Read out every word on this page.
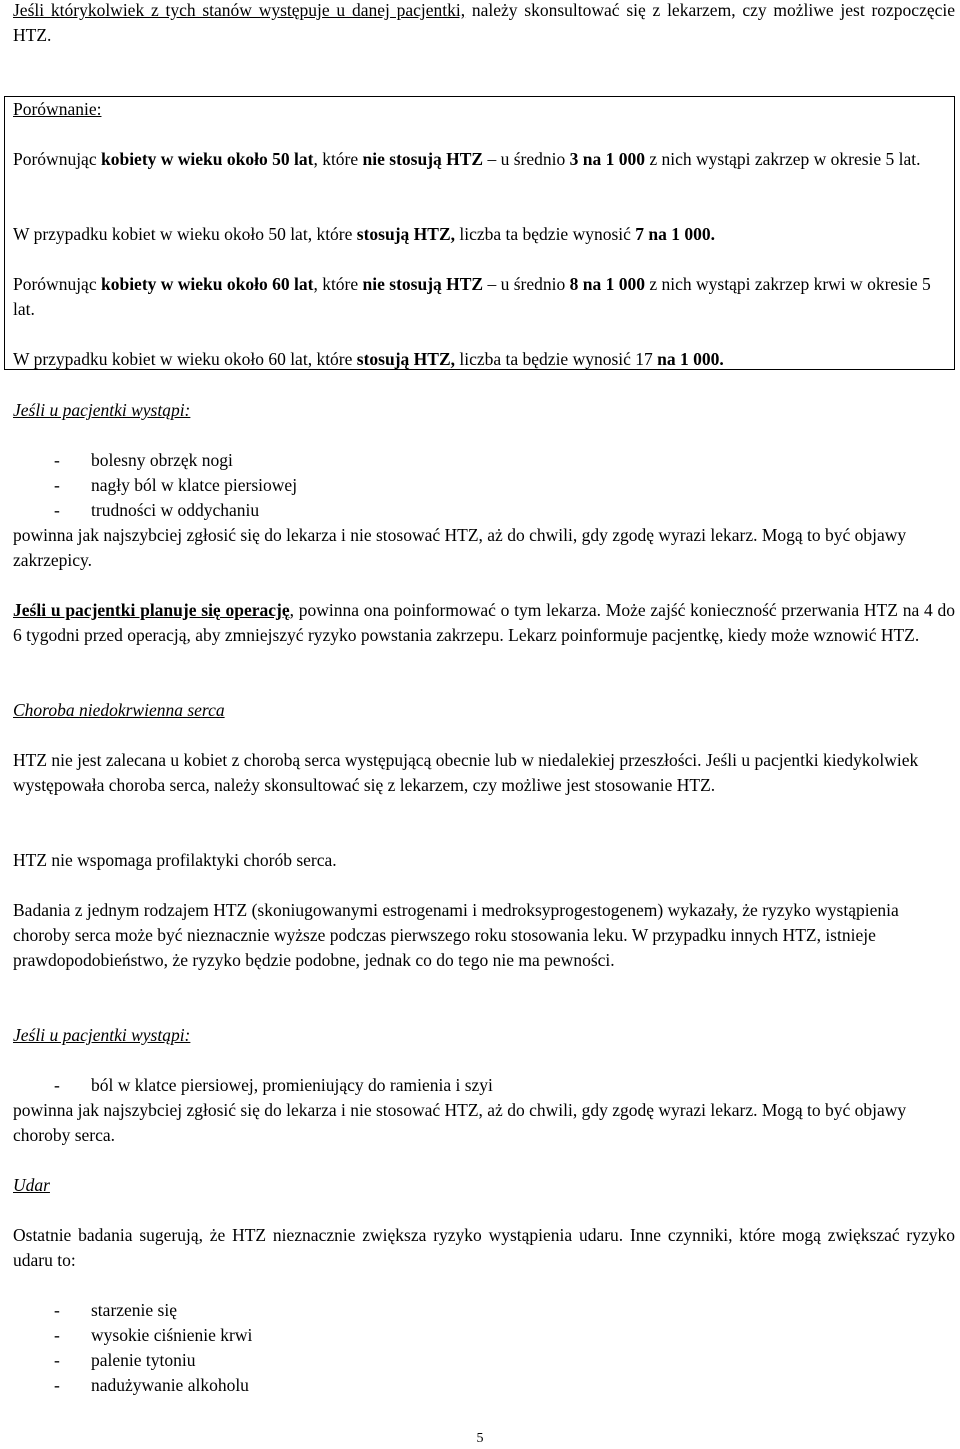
Jeśli którykolwiek z tych stanów występuje u danej pacjentki, należy skonsultować się z lekarzem, czy możliwe jest rozpoczęcie HTZ.

Porównanie:

Porównując kobiety w wieku około 50 lat, które nie stosują HTZ – u średnio 3 na 1 000 z nich wystąpi zakrzep w okresie 5 lat.

W przypadku kobiet w wieku około 50 lat, które stosują HTZ, liczba ta będzie wynosić 7 na 1 000.

Porównując kobiety w wieku około 60 lat, które nie stosują HTZ – u średnio 8 na 1 000 z nich wystąpi zakrzep krwi w okresie 5 lat.

W przypadku kobiet w wieku około 60 lat, które stosują HTZ, liczba ta będzie wynosić 17 na 1 000.

Jeśli u pacjentki wystąpi:

- bolesny obrzęk nogi
- nagły ból w klatce piersiowej
- trudności w oddychaniu

powinna jak najszybciej zgłosić się do lekarza i nie stosować HTZ, aż do chwili, gdy zgodę wyrazi lekarz. Mogą to być objawy zakrzepicy.

Jeśli u pacjentki planuje się operację, powinna ona poinformować o tym lekarza. Może zajść konieczność przerwania HTZ na 4 do 6 tygodni przed operacją, aby zmniejszyć ryzyko powstania zakrzepu. Lekarz poinformuje pacjentkę, kiedy może wznowić HTZ.

Choroba niedokrwienna serca

HTZ nie jest zalecana u kobiet z chorobą serca występującą obecnie lub w niedalekiej przeszłości. Jeśli u pacjentki kiedykolwiek występowała choroba serca, należy skonsultować się z lekarzem, czy możliwe jest stosowanie HTZ.

HTZ nie wspomaga profilaktyki chorób serca.

Badania z jednym rodzajem HTZ (skoniugowanymi estrogenami i medroksyprogestogenem) wykazały, że ryzyko wystąpienia choroby serca może być nieznacznie wyższe podczas pierwszego roku stosowania leku. W przypadku innych HTZ, istnieje prawdopodobieństwo, że ryzyko będzie podobne, jednak co do tego nie ma pewności.

Jeśli u pacjentki wystąpi:

- ból w klatce piersiowej, promieniujący do ramienia i szyi

powinna jak najszybciej zgłosić się do lekarza i nie stosować HTZ, aż do chwili, gdy zgodę wyrazi lekarz. Mogą to być objawy choroby serca.

Udar

Ostatnie badania sugerują, że HTZ nieznacznie zwiększa ryzyko wystąpienia udaru. Inne czynniki, które mogą zwiększać ryzyko udaru to:

- starzenie się
- wysokie ciśnienie krwi
- palenie tytoniu
- nadużywanie alkoholu
5
